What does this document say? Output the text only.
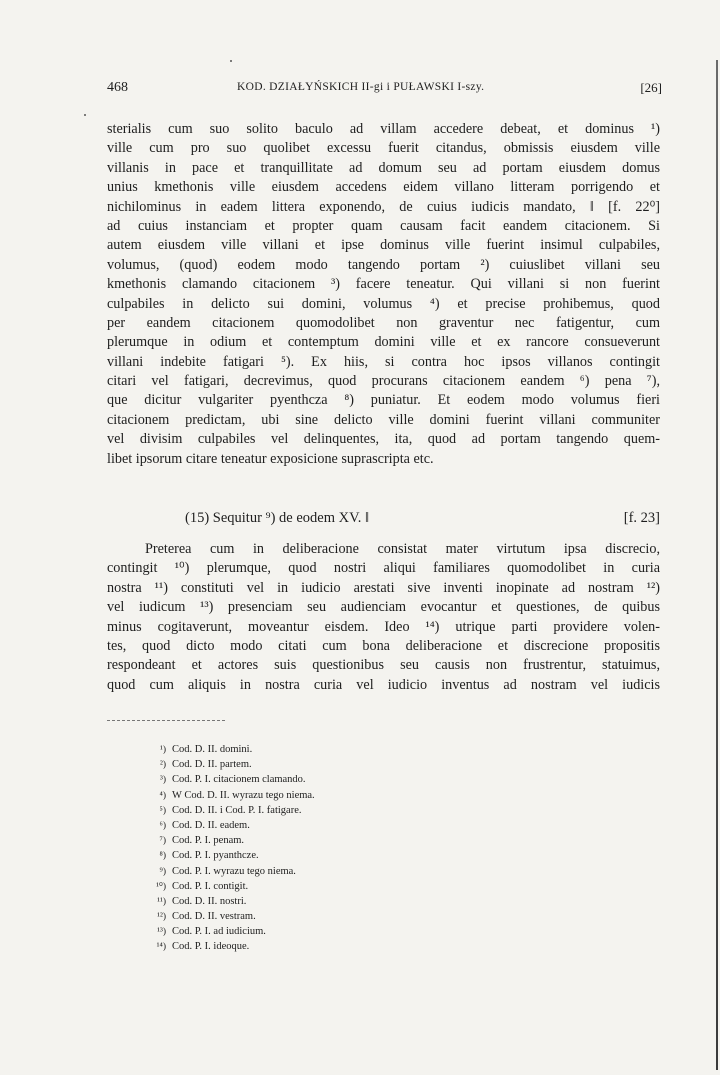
468	KOD. DZIAŁYŃSKICH II-gi i PUŁAWSKI I-szy.	[26]
sterialis cum suo solito baculo ad villam accedere debeat, et dominus ¹)
ville cum pro suo quolibet excessu fuerit citandus, obmissis eiusdem ville
villanis in pace et tranquillitate ad domum seu ad portam eiusdem domus
unius kmethonis ville eiusdem accedens eidem villano litteram porrigendo et
nichilominus in eadem littera exponendo, de cuius iudicis mandato, ‖ [f. 22⁰]
ad cuius instanciam et propter quam causam facit eandem citacionem. Si
autem eiusdem ville villani et ipse dominus ville fuerint insimul culpabiles,
volumus, (quod) eodem modo tangendo portam ²) cuiuslibet villani seu
kmethonis clamando citacionem ³) facere teneatur. Qui villani si non fuerint
culpabiles in delicto sui domini, volumus ⁴) et precise prohibemus, quod
per eandem citacionem quomodolibet non graventur nec fatigentur, cum
plerumque in odium et contemptum domini ville et ex rancore consueverunt
villani indebite fatigari ⁵). Ex hiis, si contra hoc ipsos villanos contingit
citari vel fatigari, decrevimus, quod procurans citacionem eandem ⁶) pena ⁷),
que dicitur vulgariter pyenthcza ⁸) puniatur. Et eodem modo volumus fieri
citacionem predictam, ubi sine delicto ville domini fuerint villani communiter
vel divisim culpabiles vel delinquentes, ita, quod ad portam tangendo quem-
libet ipsorum citare teneatur exposicione suprascripta etc.
(15) Sequitur ⁹) de eodem XV. ‖	[f. 23]
Preterea cum in deliberacione consistat mater virtutum ipsa discrecio,
contingit ¹⁰) plerumque, quod nostri aliqui familiares quomodolibet in curia
nostra ¹¹) constituti vel in iudicio arestati sive inventi inopinate ad nostram ¹²)
vel iudicum ¹³) presenciam seu audienciam evocantur et questiones, de quibus
minus cogitaverunt, moveantur eisdem. Ideo ¹⁴) utrique parti providere volen-
tes, quod dicto modo citati cum bona deliberacione et discrecione propositis
respondeant et actores suis questionibus seu causis non frustrentur, statuimus,
quod cum aliquis in nostra curia vel iudicio inventus ad nostram vel iudicis
¹) Cod. D. II. domini.
²) Cod. D. II. partem.
³) Cod. P. I. citacionem clamando.
⁴) W Cod. D. II. wyrazu tego niema.
⁵) Cod. D. II. i Cod. P. I. fatigare.
⁶) Cod. D. II. eadem.
⁷) Cod. P. I. penam.
⁸) Cod. P. I. pyanthcze.
⁹) Cod. P. I. wyrazu tego niema.
¹⁰) Cod. P. I. contigit.
¹¹) Cod. D. II. nostri.
¹²) Cod. D. II. vestram.
¹³) Cod. P. I. ad iudicium.
¹⁴) Cod. P. I. ideoque.
